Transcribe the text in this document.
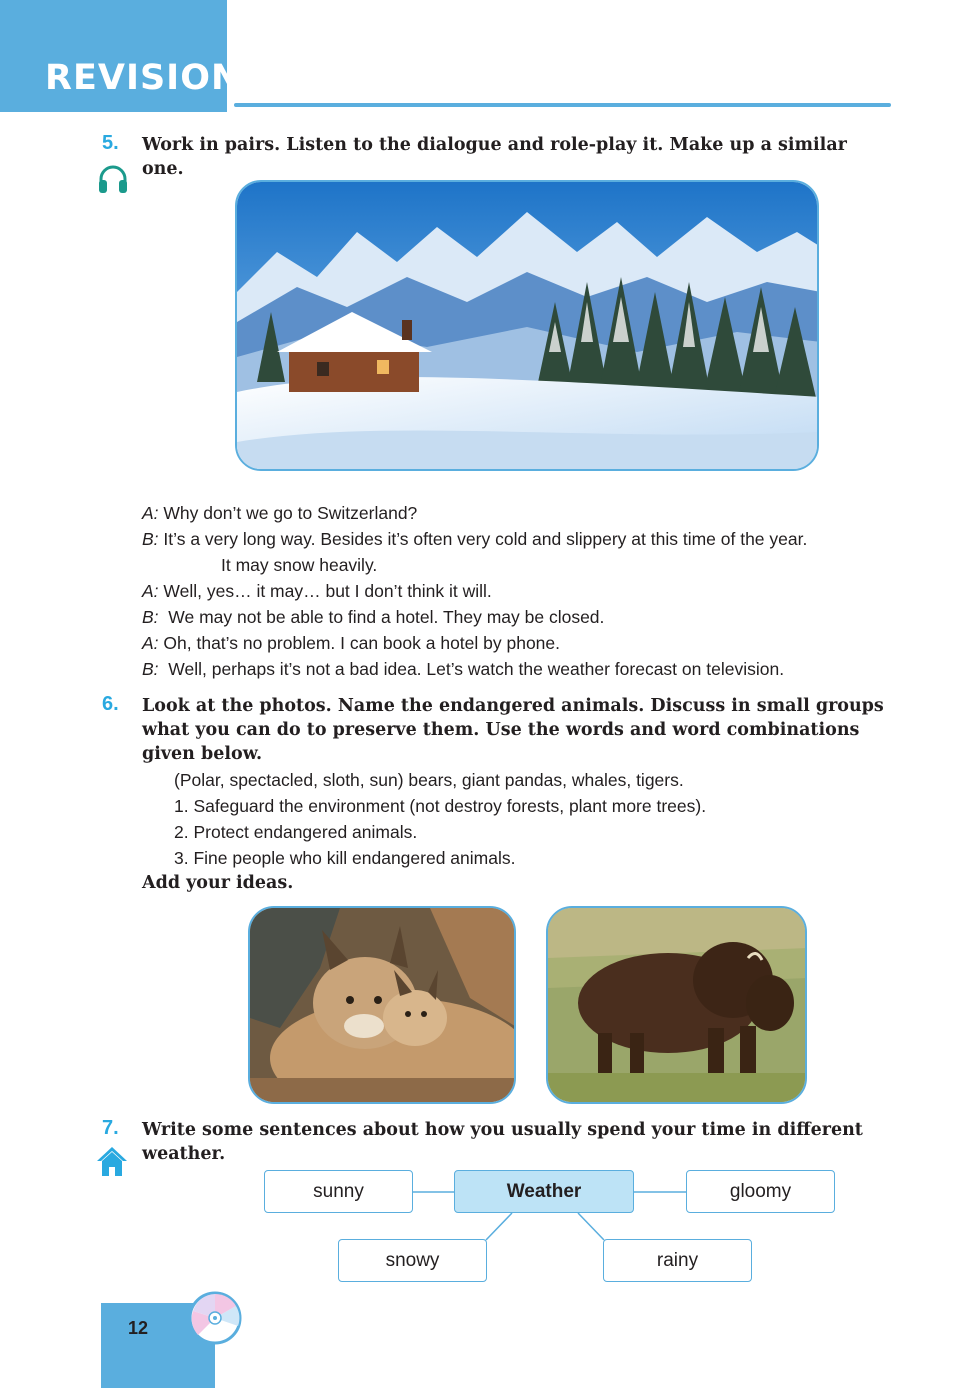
REVISION
5. Work in pairs. Listen to the dialogue and role-play it. Make up a similar
one.
A: Why don’t we go to Switzerland?
B: It’s a very long way. Besides it’s often very cold and slippery at this time of the year.
It may snow heavily.
A: Well, yes… it may… but I don’t think it will.
B:  We may not be able to find a hotel. They may be closed.
A: Oh, that’s no problem. I can book a hotel by phone.
B:  Well, perhaps it’s not a bad idea. Let’s watch the weather forecast on television.
6. Look at the photos. Name the endangered animals. Discuss in small groups
what you can do to preserve them. Use the words and word combinations
given below.
(Polar, spectacled, sloth, sun) bears, giant pandas, whales, tigers.
1. Safeguard the environment (not destroy forests, plant more trees).
2. Protect endangered animals.
3. Fine people who kill endangered animals.
Add your ideas.
7. Write some sentences about how you usually spend your time in different
weather.
sunny	Weather	gloomy
snowy	rainy
12
